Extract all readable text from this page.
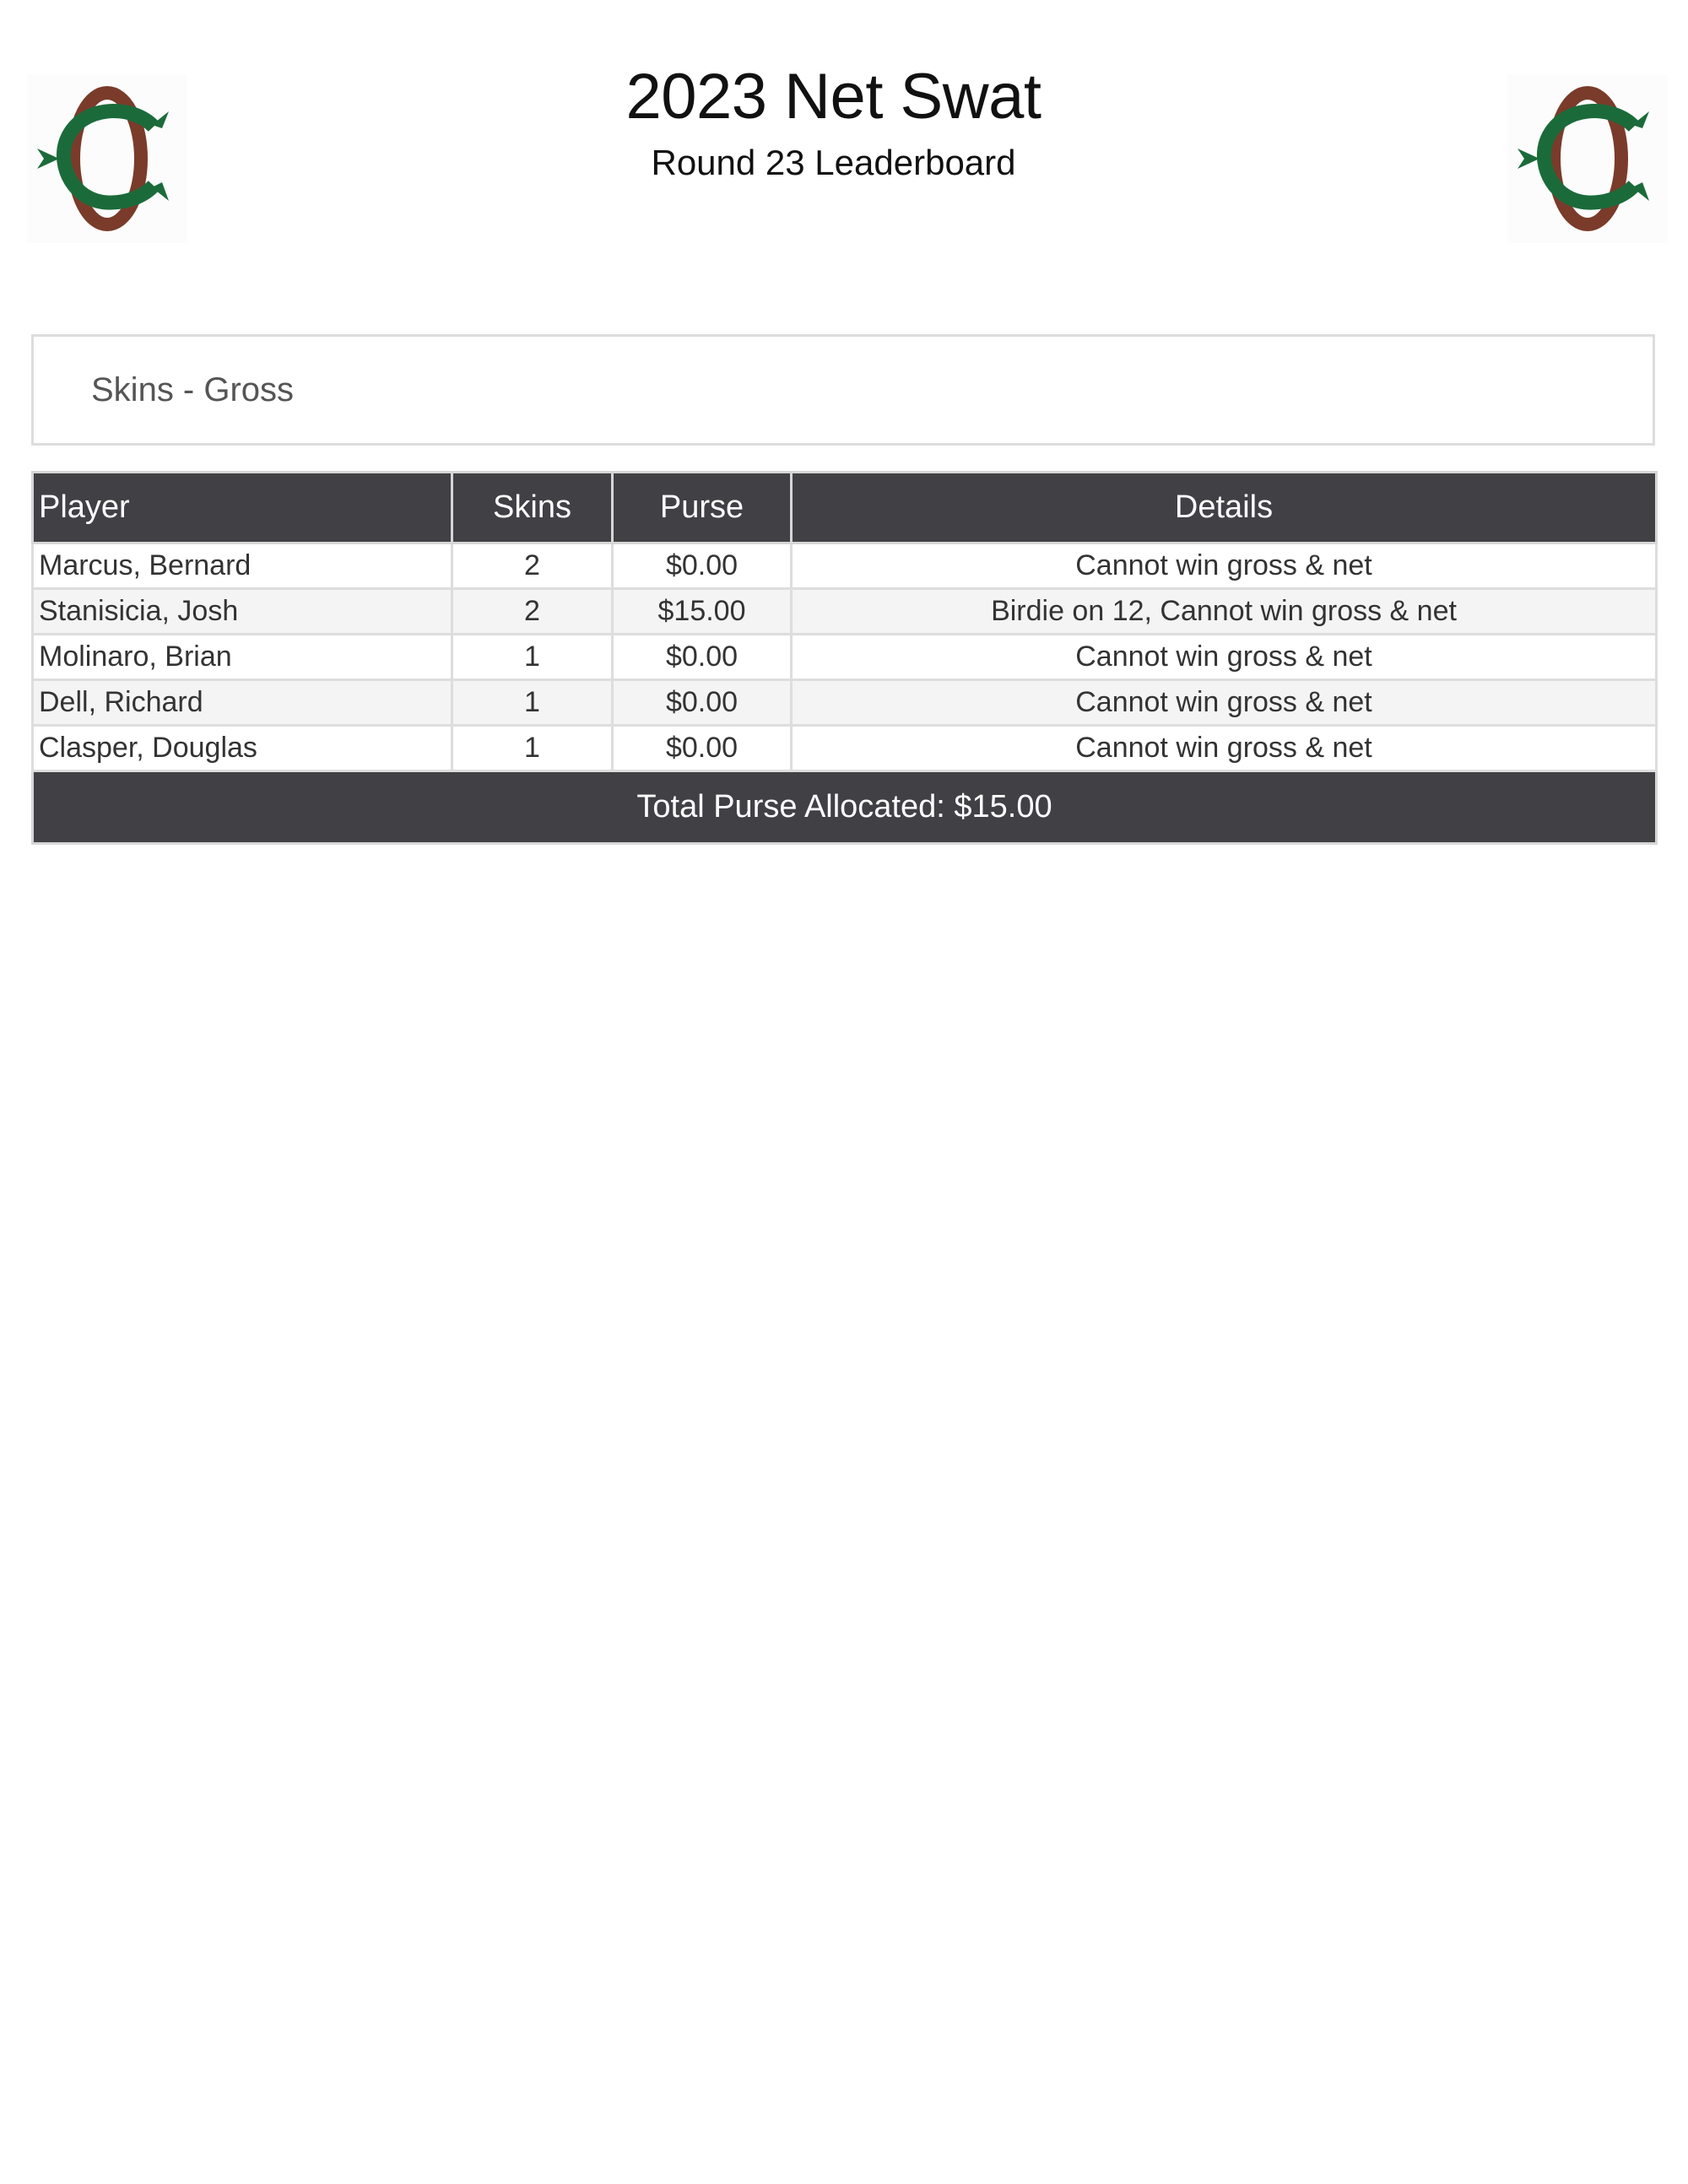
2023 Net Swat
Round 23 Leaderboard
Skins - Gross
Player	Skins	Purse	Details
Marcus, Bernard	2	$0.00	Cannot win gross & net
Stanisicia, Josh	2	$15.00	Birdie on 12, Cannot win gross & net
Molinaro, Brian	1	$0.00	Cannot win gross & net
Dell, Richard	1	$0.00	Cannot win gross & net
Clasper, Douglas	1	$0.00	Cannot win gross & net
Total Purse Allocated: $15.00			
